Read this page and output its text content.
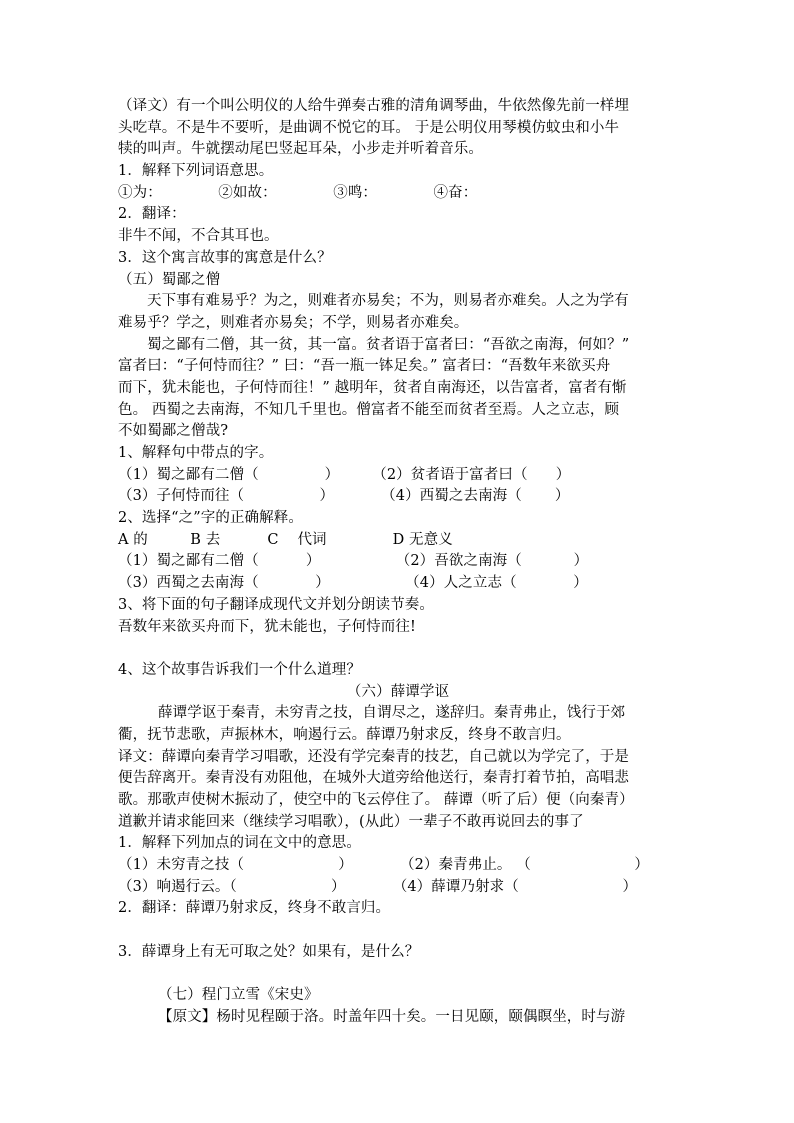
（译文）有一个叫公明仪的人给牛弹奏古雅的清角调琴曲，牛依然像先前一样埋
头吃草。不是牛不要听，是曲调不悦它的耳。 于是公明仪用琴模仿蚊虫和小牛
犊的叫声。牛就摆动尾巴竖起耳朵，小步走并听着音乐。
1．解释下列词语意思。
①为：            ②如故：            ③鸣：            ④奋：
2．翻译：
非牛不闻，不合其耳也。
3．这个寓言故事的寓意是什么？
（五）蜀鄙之僧
天下事有难易乎？为之，则难者亦易矣；不为，则易者亦难矣。人之为学有
难易乎？学之，则难者亦易矣；不学，则易者亦难矣。
蜀之鄙有二僧，其一贫，其一富。贫者语于富者曰：“吾欲之南海，何如？”
富者曰：“子何恃而往？” 曰：“吾一瓶一钵足矣。” 富者曰：“吾数年来欲买舟
而下，犹未能也，子何恃而往！” 越明年，贫者自南海还，以告富者，富者有惭
色。 西蜀之去南海，不知几千里也。僧富者不能至而贫者至焉。人之立志，顾
不如蜀鄙之僧哉?
1、解释句中带点的字。
（1）蜀之鄙有二僧（              ）       （2）贫者语于富者曰（      ）
（3）子何恃而往（                ）          （4）西蜀之去南海（       ）
2、选择“之”字的正确解释。
A 的         B 去          C    代词              D 无意义
（1）蜀之鄙有二僧（          ）                （2）吾欲之南海（           ）
（3）西蜀之去南海（            ）                （4）人之立志（            ）
3、将下面的句子翻译成现代文并划分朗读节奏。
吾数年来欲买舟而下，犹未能也，子何恃而往!
4、这个故事告诉我们一个什么道理？
（六）薛谭学讴
薛谭学讴于秦青，未穷青之技，自谓尽之，遂辞归。秦青弗止，饯行于郊
衢，抚节悲歌，声振林木，响遏行云。薛谭乃射求反，终身不敢言归。
译文：薛谭向秦青学习唱歌，还没有学完秦青的技艺，自己就以为学完了，于是
便告辞离开。秦青没有劝阻他，在城外大道旁给他送行，秦青打着节拍，高唱悲
歌。那歌声使树木振动了，使空中的飞云停住了。 薛谭（听了后）便（向秦青）
道歉并请求能回来（继续学习唱歌），(从此）一辈子不敢再说回去的事了
1．解释下列加点的词在文中的意思。
（1）未穷青之技（                    ）          （2）秦青弗止。 （                      ）
（3）响遏行云。（                    ）          （4）薛谭乃射求（                      ）
2．翻译：薛谭乃射求反，终身不敢言归。
3．薛谭身上有无可取之处？如果有，是什么？
（七）程门立雪《宋史》
【原文】杨时见程颐于洛。时盖年四十矣。一日见颐，颐偶瞑坐，时与游
